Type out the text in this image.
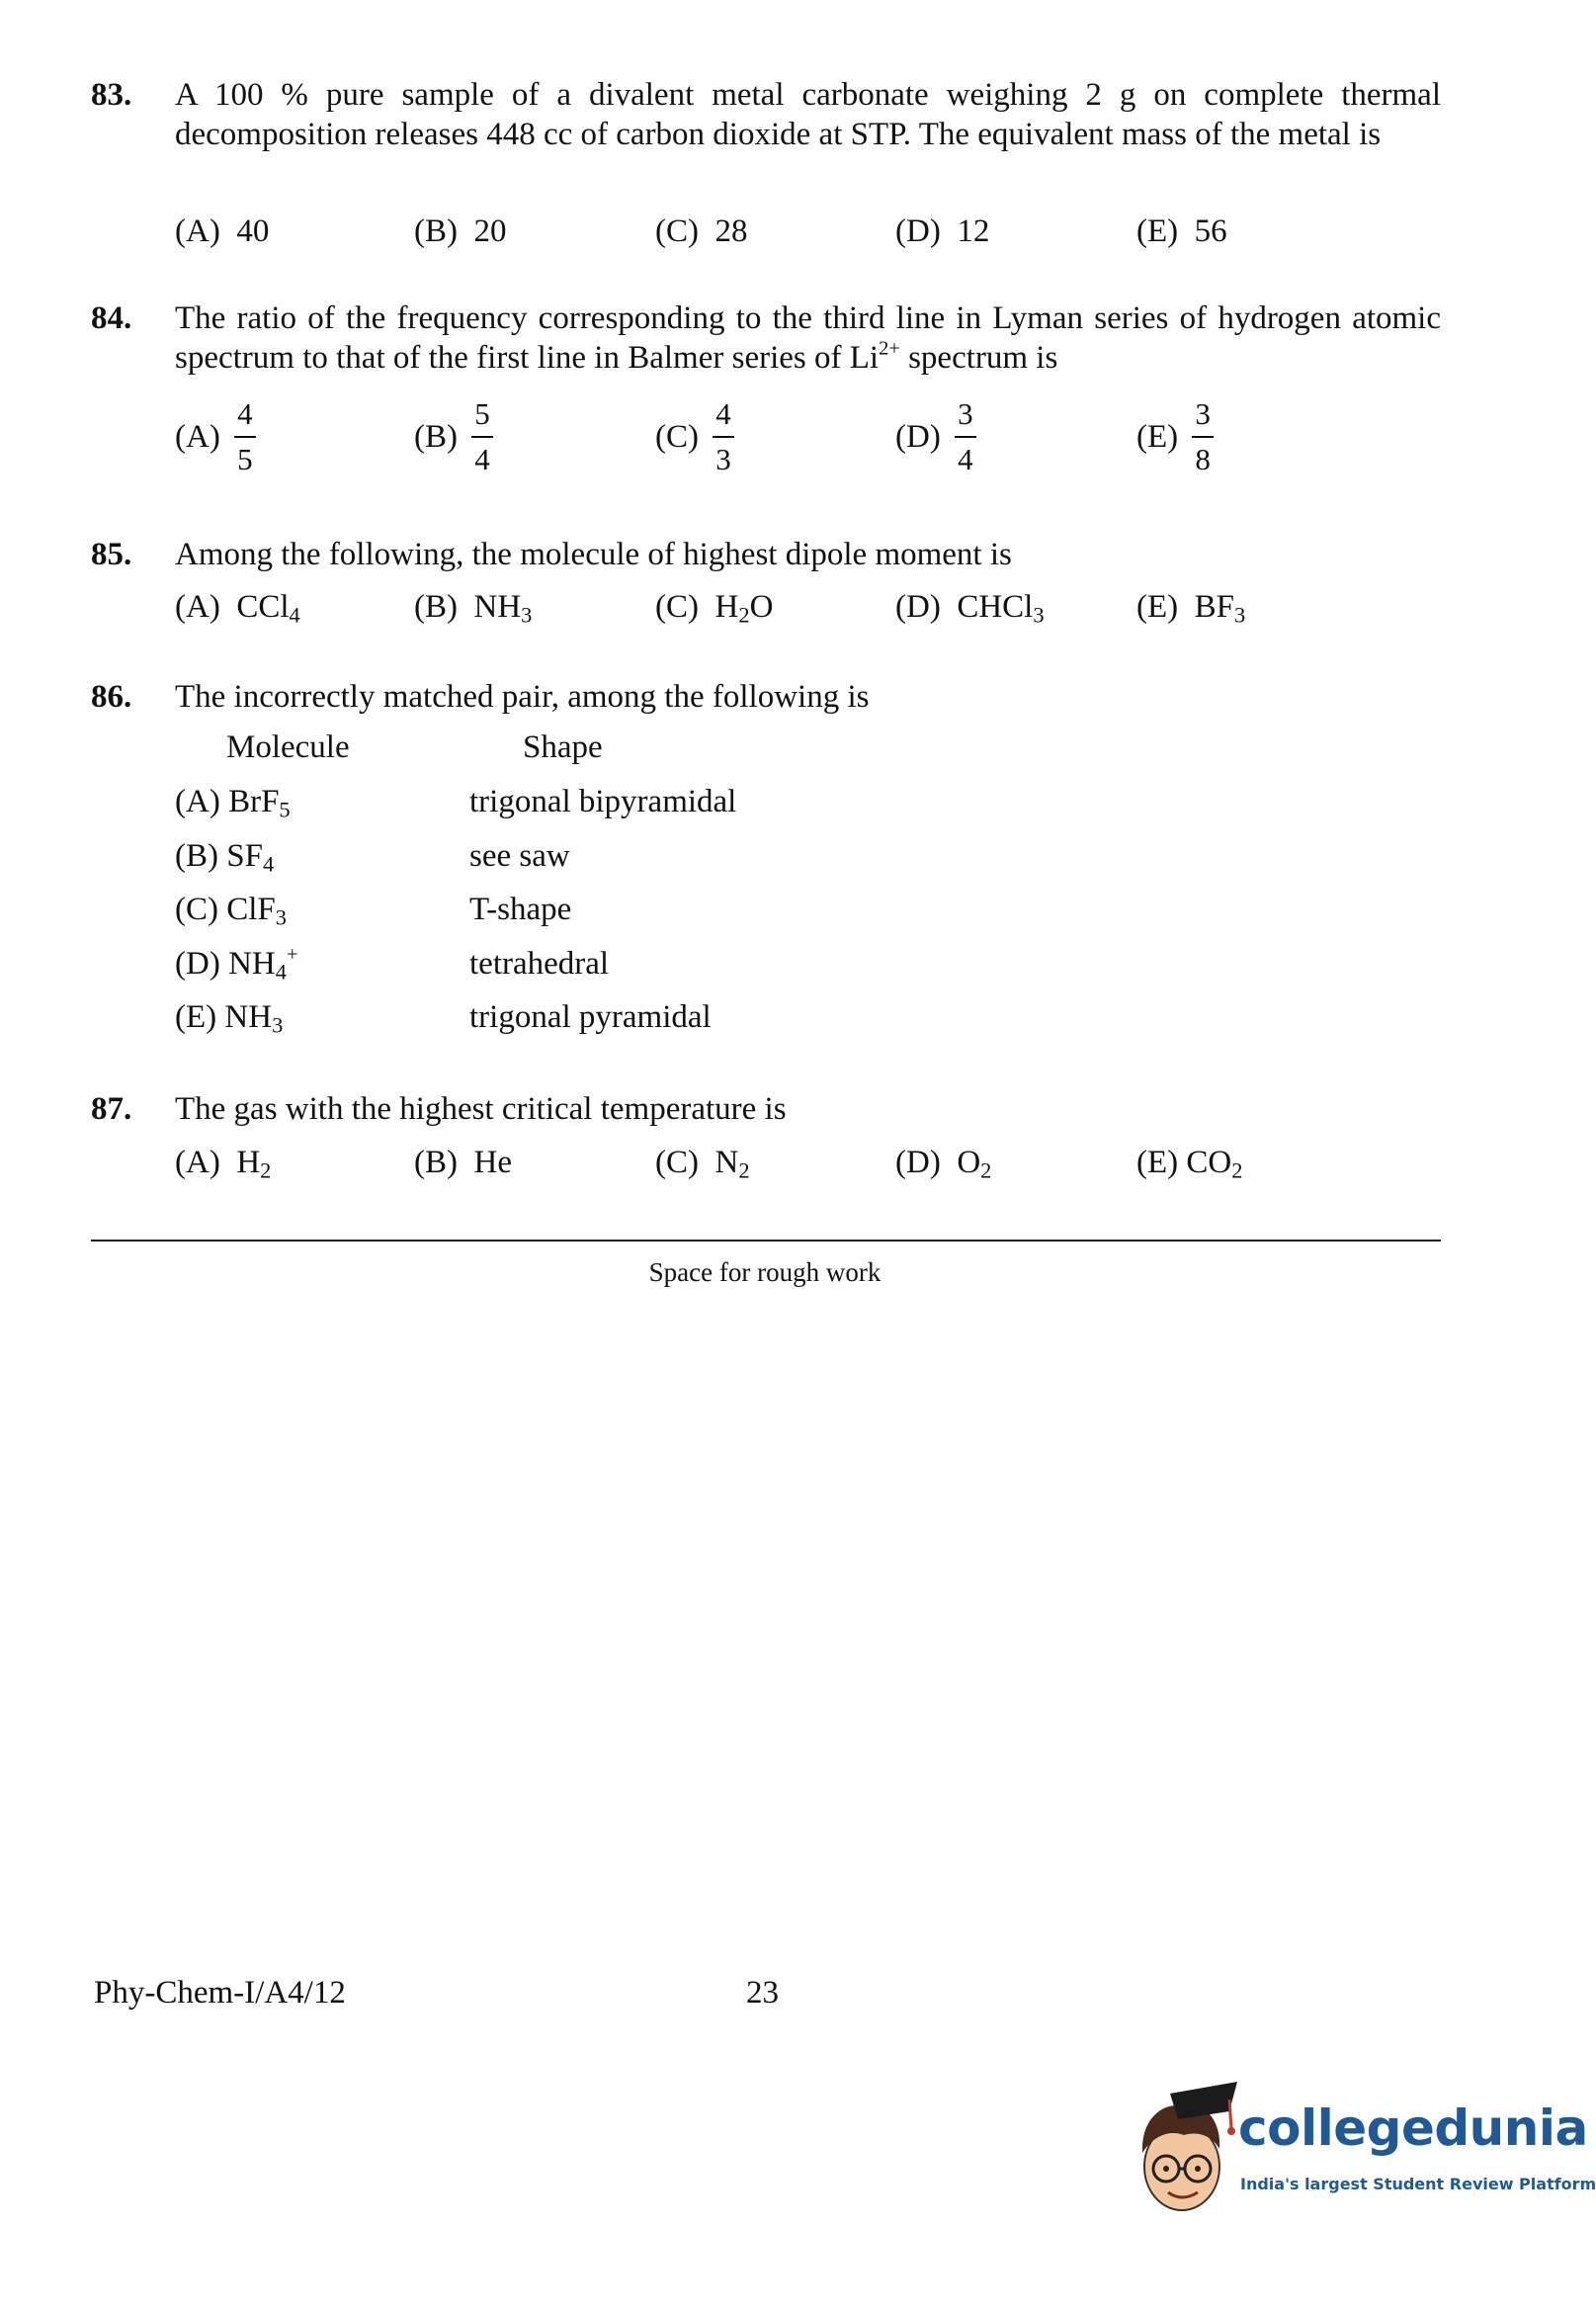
83. A 100 % pure sample of a divalent metal carbonate weighing 2 g on complete thermal decomposition releases 448 cc of carbon dioxide at STP. The equivalent mass of the metal is
(A) 40	(B) 20	(C) 28	(D) 12	(E) 56
84. The ratio of the frequency corresponding to the third line in Lyman series of hydrogen atomic spectrum to that of the first line in Balmer series of $Li^{2+}$ spectrum is
$(A) \frac{4}{5}$	$(B) \frac{5}{4}$	$(C) \frac{4}{3}$	$(D) \frac{3}{4}$	$(E) \frac{3}{8}$
85. Among the following, the molecule of highest dipole moment is
(A) CCl$_4$	(B) $NH_3$	(C) $H_2O$	(D) CHCl$_3$	(E) $BF_3$
86. The incorrectly matched pair, among the following is
Molecule	Shape
(A) BrF$_5$	trigonal bipyramidal
(B) $SF_4$	see saw
(C) ClF$_3$	T-shape
(D) $NH_4^+$	tetrahedral
(E) $NH_3$	trigonal pyramidal
87. The gas with the highest critical temperature is
(A) $H_2$	(B) He	(C) $N_2$	(D) $O_2$	(E) $CO_2$
Space for rough work
Phy-Chem-I/A4/12	23
collegedunia
India's largest Student Review Platform
